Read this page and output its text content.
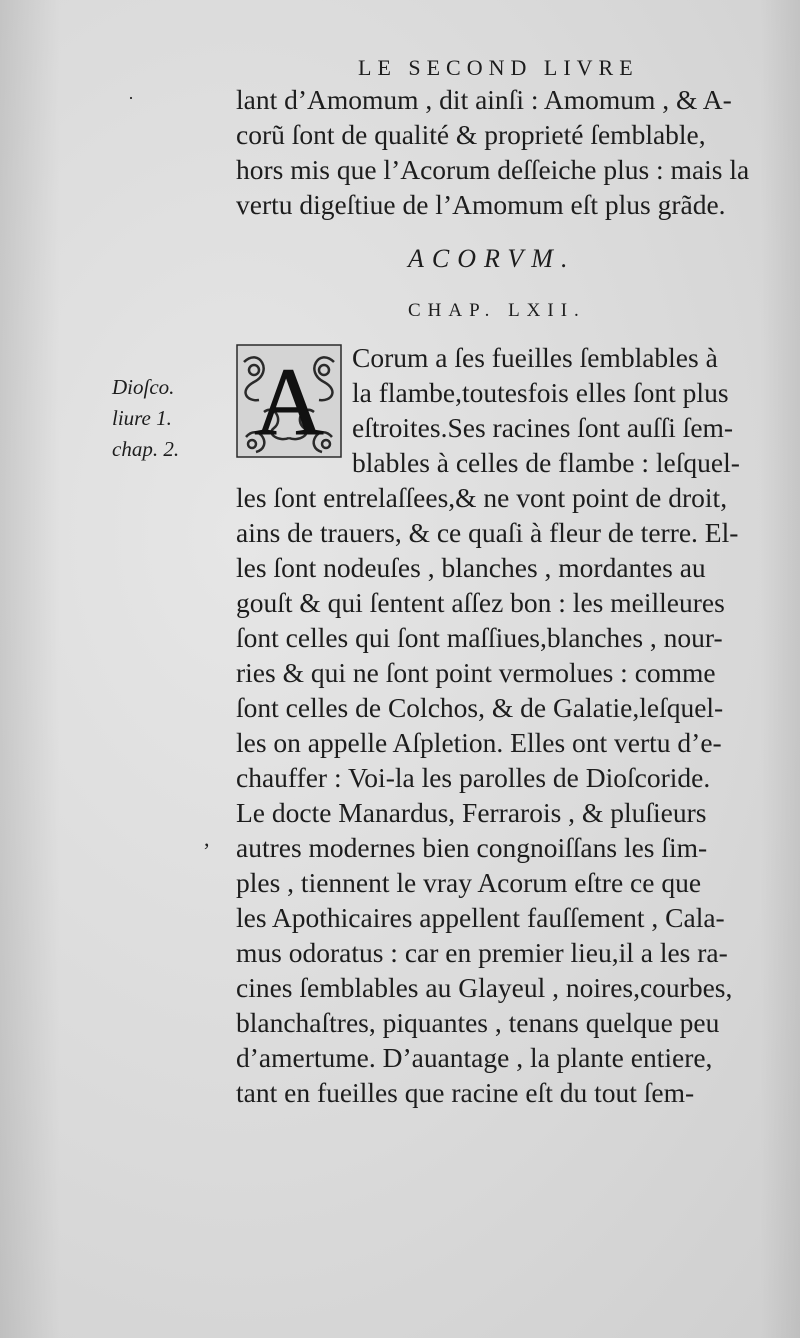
LE SECOND LIVRE
·	lant d’Amomum , dit ainſi : Amomum , & A-
corũ ſont de qualité & proprieté ſemblable,
hors mis que l’Acorum deſſeiche plus : mais la
vertu digeſtiue de l’Amomum eſt plus grãde.
ACORVM.
CHAP. LXII.
Dioſco.
liure 1.
chap. 2. A Corum a ſes fueilles ſemblables à
la flambe,toutesfois elles ſont plus
eſtroites.Ses racines ſont auſſi ſem-
blables à celles de flambe : leſquel-
les ſont entrelaſſees,& ne vont point de droit,
ains de trauers, & ce quaſi à fleur de terre. El-
les ſont nodeuſes , blanches , mordantes au
gouſt & qui ſentent aſſez bon : les meilleures
ſont celles qui ſont maſſiues,blanches , nour-
ries & qui ne ſont point vermolues : comme
ſont celles de Colchos, & de Galatie,leſquel-
les on appelle Aſpletion. Elles ont vertu d’e-
chauffer : Voi-la les parolles de Dioſcoride.
Le docte Manardus, Ferrarois , & pluſieurs
autres modernes bien congnoiſſans les ſim-
ples , tiennent le vray Acorum eſtre ce que
les Apothicaires appellent fauſſement , Cala-
mus odoratus : car en premier lieu,il a les ra-
cines ſemblables au Glayeul , noires,courbes,
blanchaſtres, piquantes , tenans quelque peu
d’amertume. D’auantage , la plante entiere,
tant en fueilles que racine eſt du tout ſem-
,
